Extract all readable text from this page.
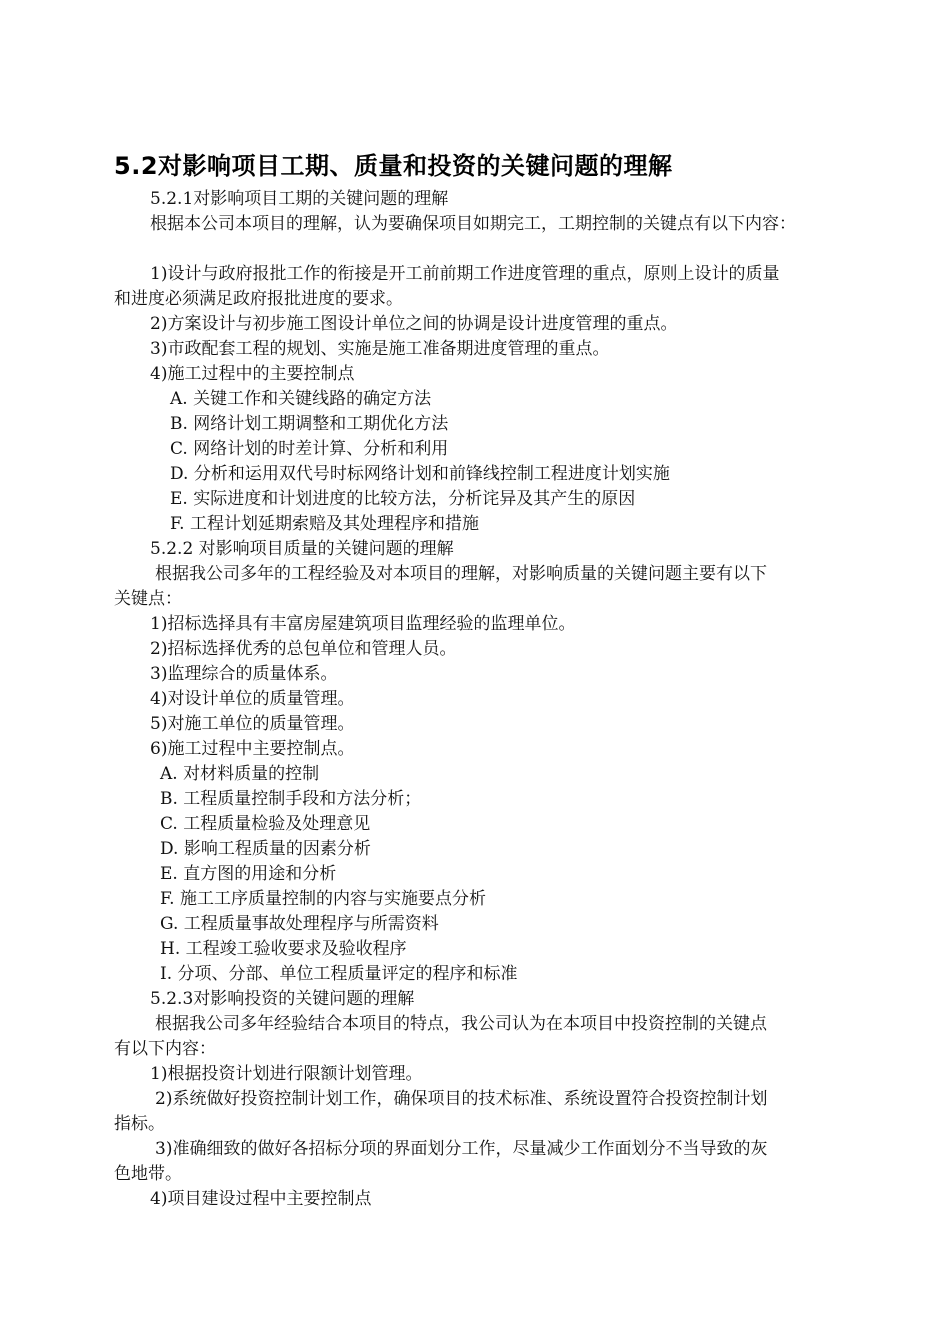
5.2对影响项目工期、质量和投资的关键问题的理解
5.2.1对影响项目工期的关键问题的理解
根据本公司本项目的理解，认为要确保项目如期完工，工期控制的关键点有以下内容：
1)设计与政府报批工作的衔接是开工前前期工作进度管理的重点，原则上设计的质量
和进度必须满足政府报批进度的要求。
2)方案设计与初步施工图设计单位之间的协调是设计进度管理的重点。
3)市政配套工程的规划、实施是施工准备期进度管理的重点。
4)施工过程中的主要控制点
A. 关键工作和关键线路的确定方法
B. 网络计划工期调整和工期优化方法
C. 网络计划的时差计算、分析和利用
D. 分析和运用双代号时标网络计划和前锋线控制工程进度计划实施
E. 实际进度和计划进度的比较方法，分析诧异及其产生的原因
F. 工程计划延期索赔及其处理程序和措施
5.2.2 对影响项目质量的关键问题的理解
根据我公司多年的工程经验及对本项目的理解，对影响质量的关键问题主要有以下
关键点：
1)招标选择具有丰富房屋建筑项目监理经验的监理单位。
2)招标选择优秀的总包单位和管理人员。
3)监理综合的质量体系。
4)对设计单位的质量管理。
5)对施工单位的质量管理。
6)施工过程中主要控制点。
A. 对材料质量的控制
B. 工程质量控制手段和方法分析；
C. 工程质量检验及处理意见
D. 影响工程质量的因素分析
E. 直方图的用途和分析
F. 施工工序质量控制的内容与实施要点分析
G. 工程质量事故处理程序与所需资料
H. 工程竣工验收要求及验收程序
I. 分项、分部、单位工程质量评定的程序和标准
5.2.3对影响投资的关键问题的理解
根据我公司多年经验结合本项目的特点，我公司认为在本项目中投资控制的关键点
有以下内容：
1)根据投资计划进行限额计划管理。
2)系统做好投资控制计划工作，确保项目的技术标准、系统设置符合投资控制计划
指标。
3)准确细致的做好各招标分项的界面划分工作，尽量减少工作面划分不当导致的灰
色地带。
4)项目建设过程中主要控制点
